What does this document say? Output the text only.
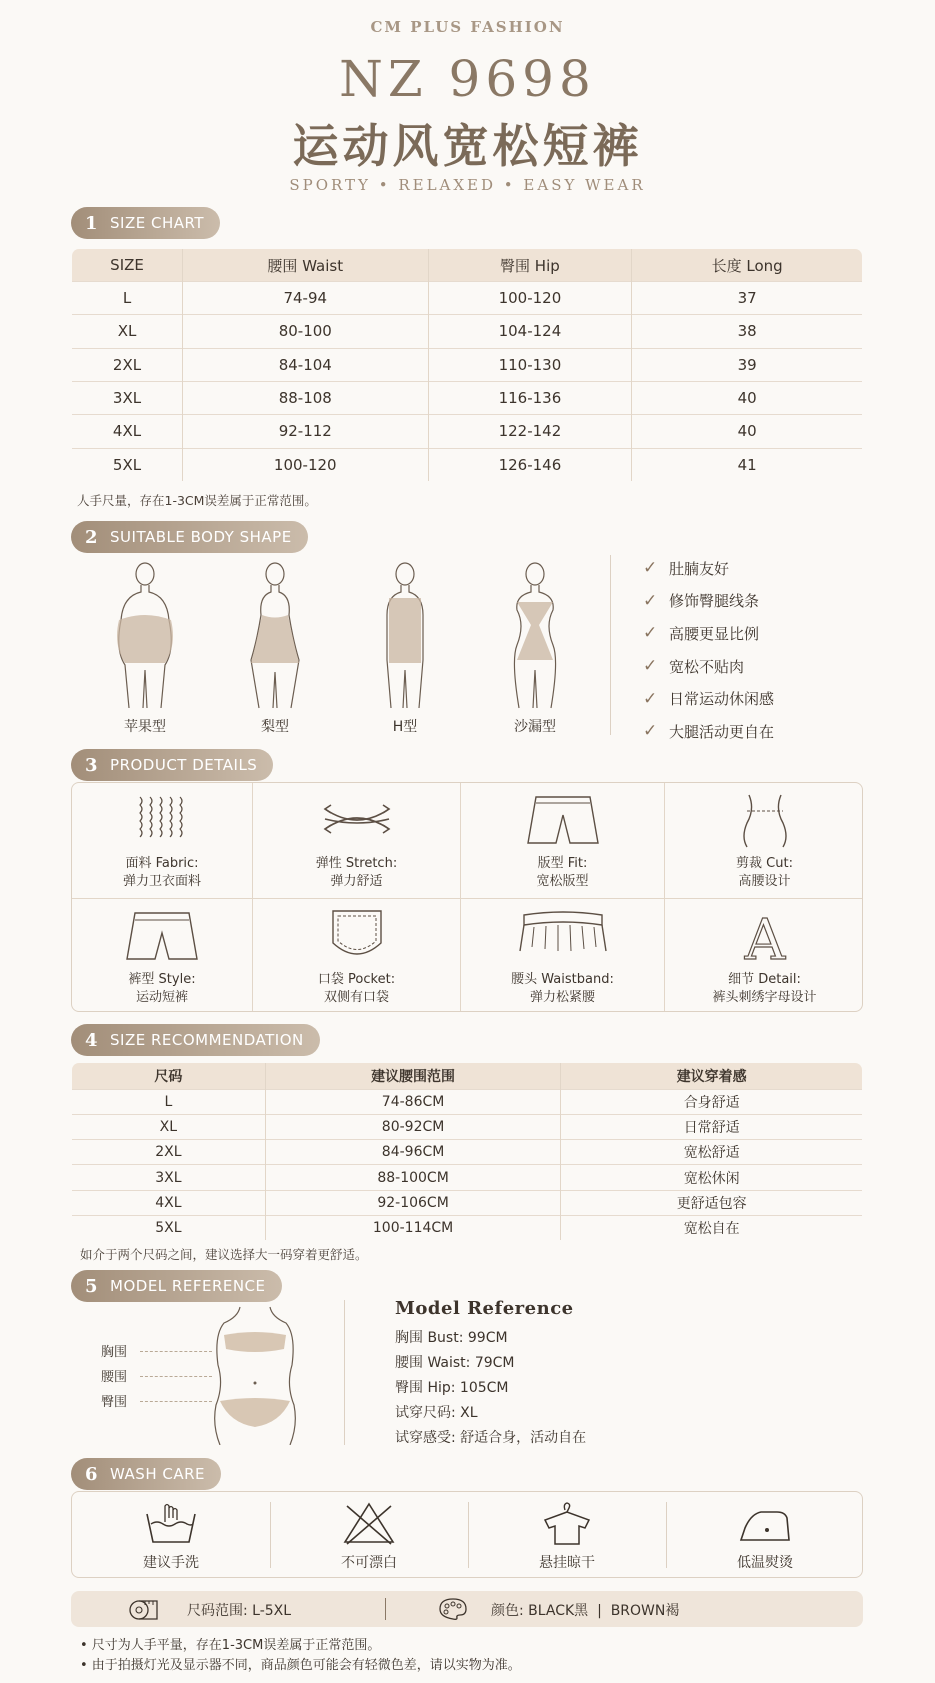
CM PLUS FASHION
NZ 9698
运动风宽松短裤
SPORTY • RELAXED • EASY WEAR
1 SIZE CHART
SIZE	腰围 Waist	臀围 Hip	长度 Long
L	74-94	100-120	37
XL	80-100	104-124	38
2XL	84-104	110-130	39
3XL	88-108	116-136	40
4XL	92-112	122-142	40
5XL	100-120	126-146	41
人手尺量，存在1-3CM误差属于正常范围。
2 SUITABLE BODY SHAPE
苹果型	梨型	H型	沙漏型
✓ 肚腩友好
✓ 修饰臀腿线条
✓ 高腰更显比例
✓ 宽松不贴肉
✓ 日常运动休闲感
✓ 大腿活动更自在
3 PRODUCT DETAILS
面料 Fabric:
弹力卫衣面料
弹性 Stretch:
弹力舒适
版型 Fit:
宽松版型
剪裁 Cut:
高腰设计
裤型 Style:
运动短裤
口袋 Pocket:
双侧有口袋
腰头 Waistband:
弹力松紧腰
A
细节 Detail:
裤头刺绣字母设计
4 SIZE RECOMMENDATION
尺码	建议腰围范围	建议穿着感
L	74-86CM	合身舒适
XL	80-92CM	日常舒适
2XL	84-96CM	宽松舒适
3XL	88-100CM	宽松休闲
4XL	92-106CM	更舒适包容
5XL	100-114CM	宽松自在
如介于两个尺码之间，建议选择大一码穿着更舒适。
5 MODEL REFERENCE
胸围
腰围
臀围
Model Reference
胸围 Bust: 99CM
腰围 Waist: 79CM
臀围 Hip: 105CM
试穿尺码: XL
试穿感受: 舒适合身，活动自在
6 WASH CARE
建议手洗	不可漂白	悬挂晾干	低温熨烫
尺码范围: L-5XL	颜色: BLACK黑  |  BROWN褐
• 尺寸为人手平量，存在1-3CM误差属于正常范围。
• 由于拍摄灯光及显示器不同，商品颜色可能会有轻微色差，请以实物为准。
